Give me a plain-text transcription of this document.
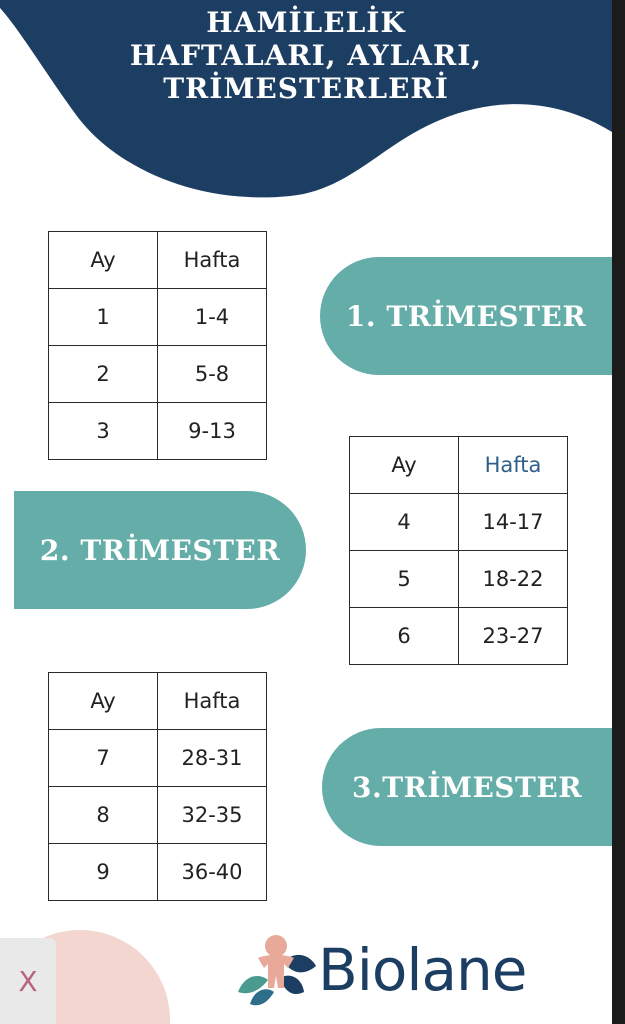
HAMİLELİK
HAFTALARI, AYLARI,
TRİMESTERLERİ
Ay	Hafta
1	1-4
2	5-8
3	9-13
1. TRİMESTER
Ay	Hafta
4	14-17
5	18-22
6	23-27
2. TRİMESTER
Ay	Hafta
7	28-31
8	32-35
9	36-40
3.TRİMESTER
Biolane
X
